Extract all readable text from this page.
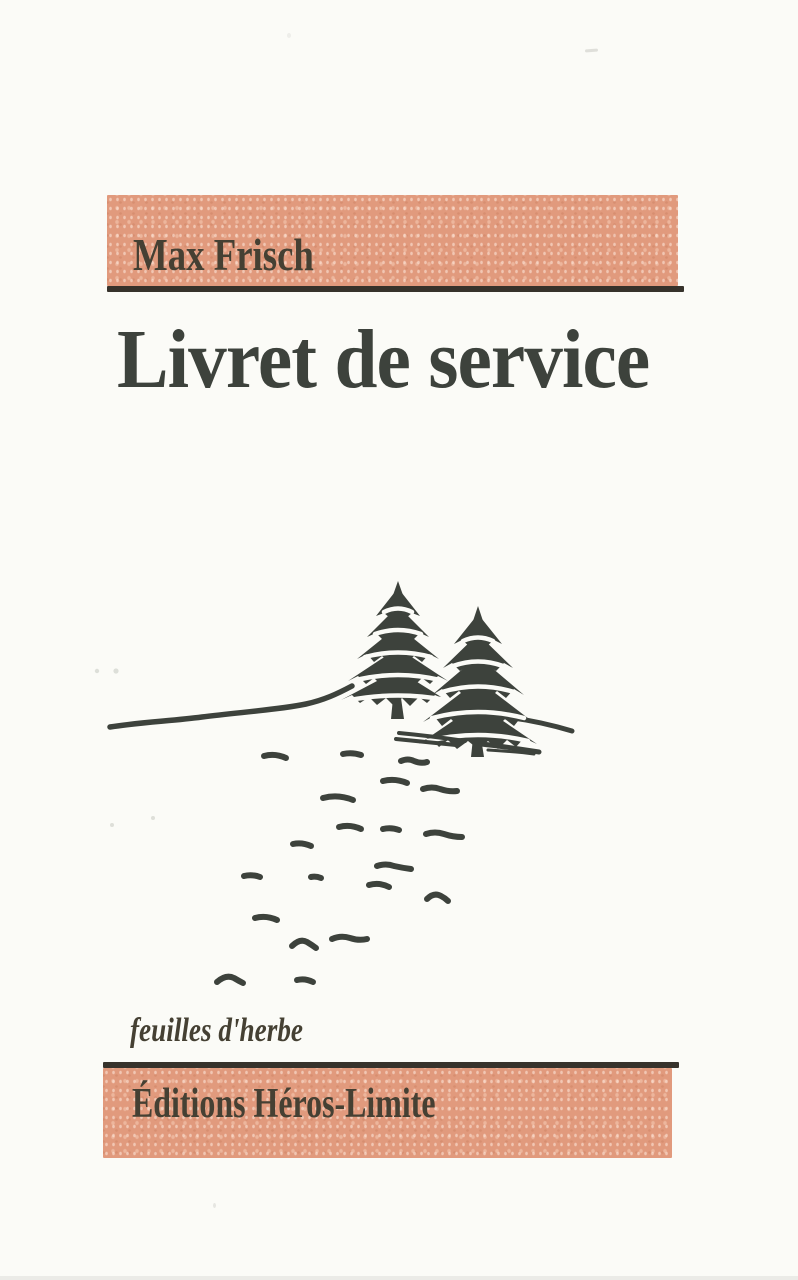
Max Frisch
Livret de service
feuilles d'herbe
Éditions Héros-Limite
